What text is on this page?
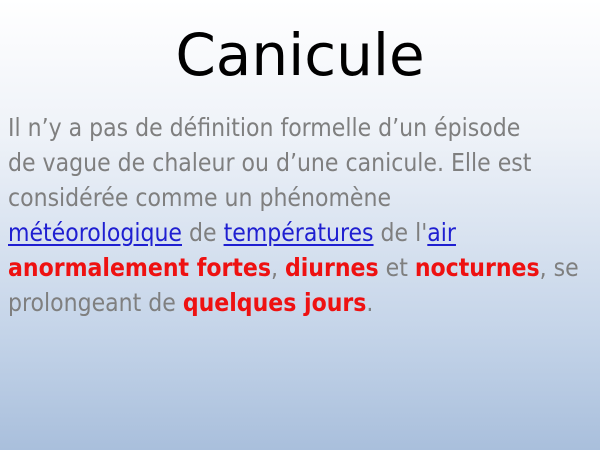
Canicule
Il n’y a pas de définition formelle d’un épisode
de vague de chaleur ou d’une canicule. Elle est
considérée comme un phénomène
météorologique de températures de l'air
anormalement fortes, diurnes et nocturnes, se
prolongeant de quelques jours.
